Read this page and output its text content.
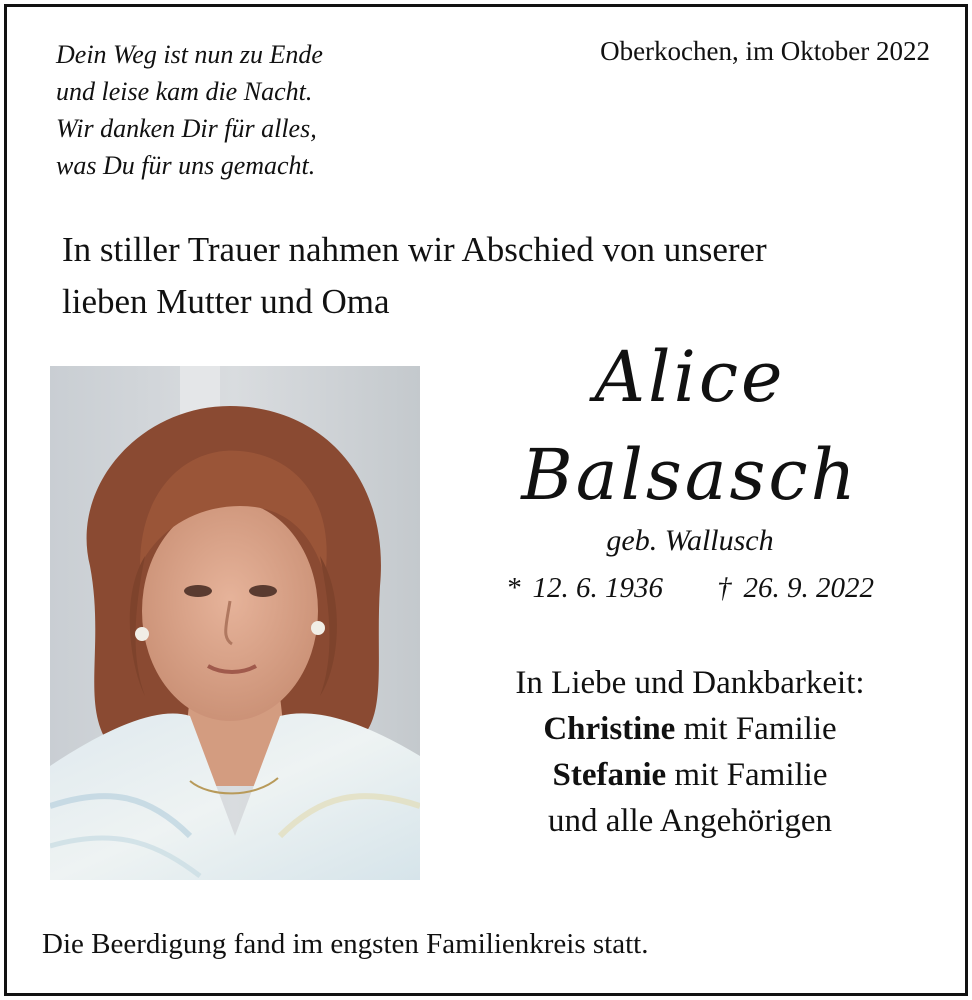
Dein Weg ist nun zu Ende
und leise kam die Nacht.
Wir danken Dir für alles,
was Du für uns gemacht.
Oberkochen, im Oktober 2022
In stiller Trauer nahmen wir Abschied von unserer
lieben Mutter und Oma
Alice
Balsasch
geb. Wallusch
* 12. 6. 1936 † 26. 9. 2022
In Liebe und Dankbarkeit:
Christine mit Familie
Stefanie mit Familie
und alle Angehörigen
Die Beerdigung fand im engsten Familienkreis statt.
